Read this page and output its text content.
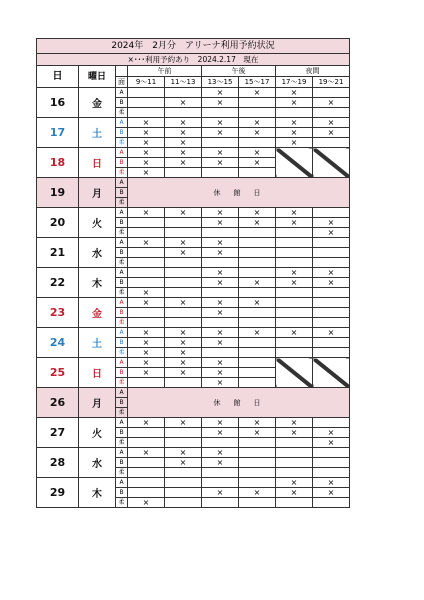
2024年　2月分　アリーナ利用予約状況								
×･･･利用予約あり　2024.2.17　現在								
日	曜日		午前		午後		夜間	
		面	9～11	11～13	13～15	15～17	17～19	19～21
16	金	A			×	×	×	
		B		×	×		×	×
		柔						
17	土	A	×	×	×	×	×	×
		B	×	×	×	×	×	×
		柔	×	×			×	
18	日	A	×	×	×	×		
		B	×	×	×	×		
		柔	×					
19	月	A	休　館　日					
		B						
		柔						
20	火	A	×	×	×	×	×	
		B			×	×	×	×
		柔						×
21	水	A	×	×	×			
		B		×	×			
		柔						
22	木	A			×		×	×
		B			×	×	×	×
		柔	×					
23	金	A	×	×	×	×		
		B			×			
		柔						
24	土	A	×	×	×	×	×	×
		B	×	×	×			
		柔	×	×				
25	日	A	×	×	×			
		B	×	×	×			
		柔			×			
26	月	A	休　館　日					
		B						
		柔						
27	火	A	×	×	×	×	×	
		B			×	×	×	×
		柔						×
28	水	A	×	×	×			
		B		×	×			
		柔						
29	木	A					×	×
		B			×	×	×	×
		柔	×					
